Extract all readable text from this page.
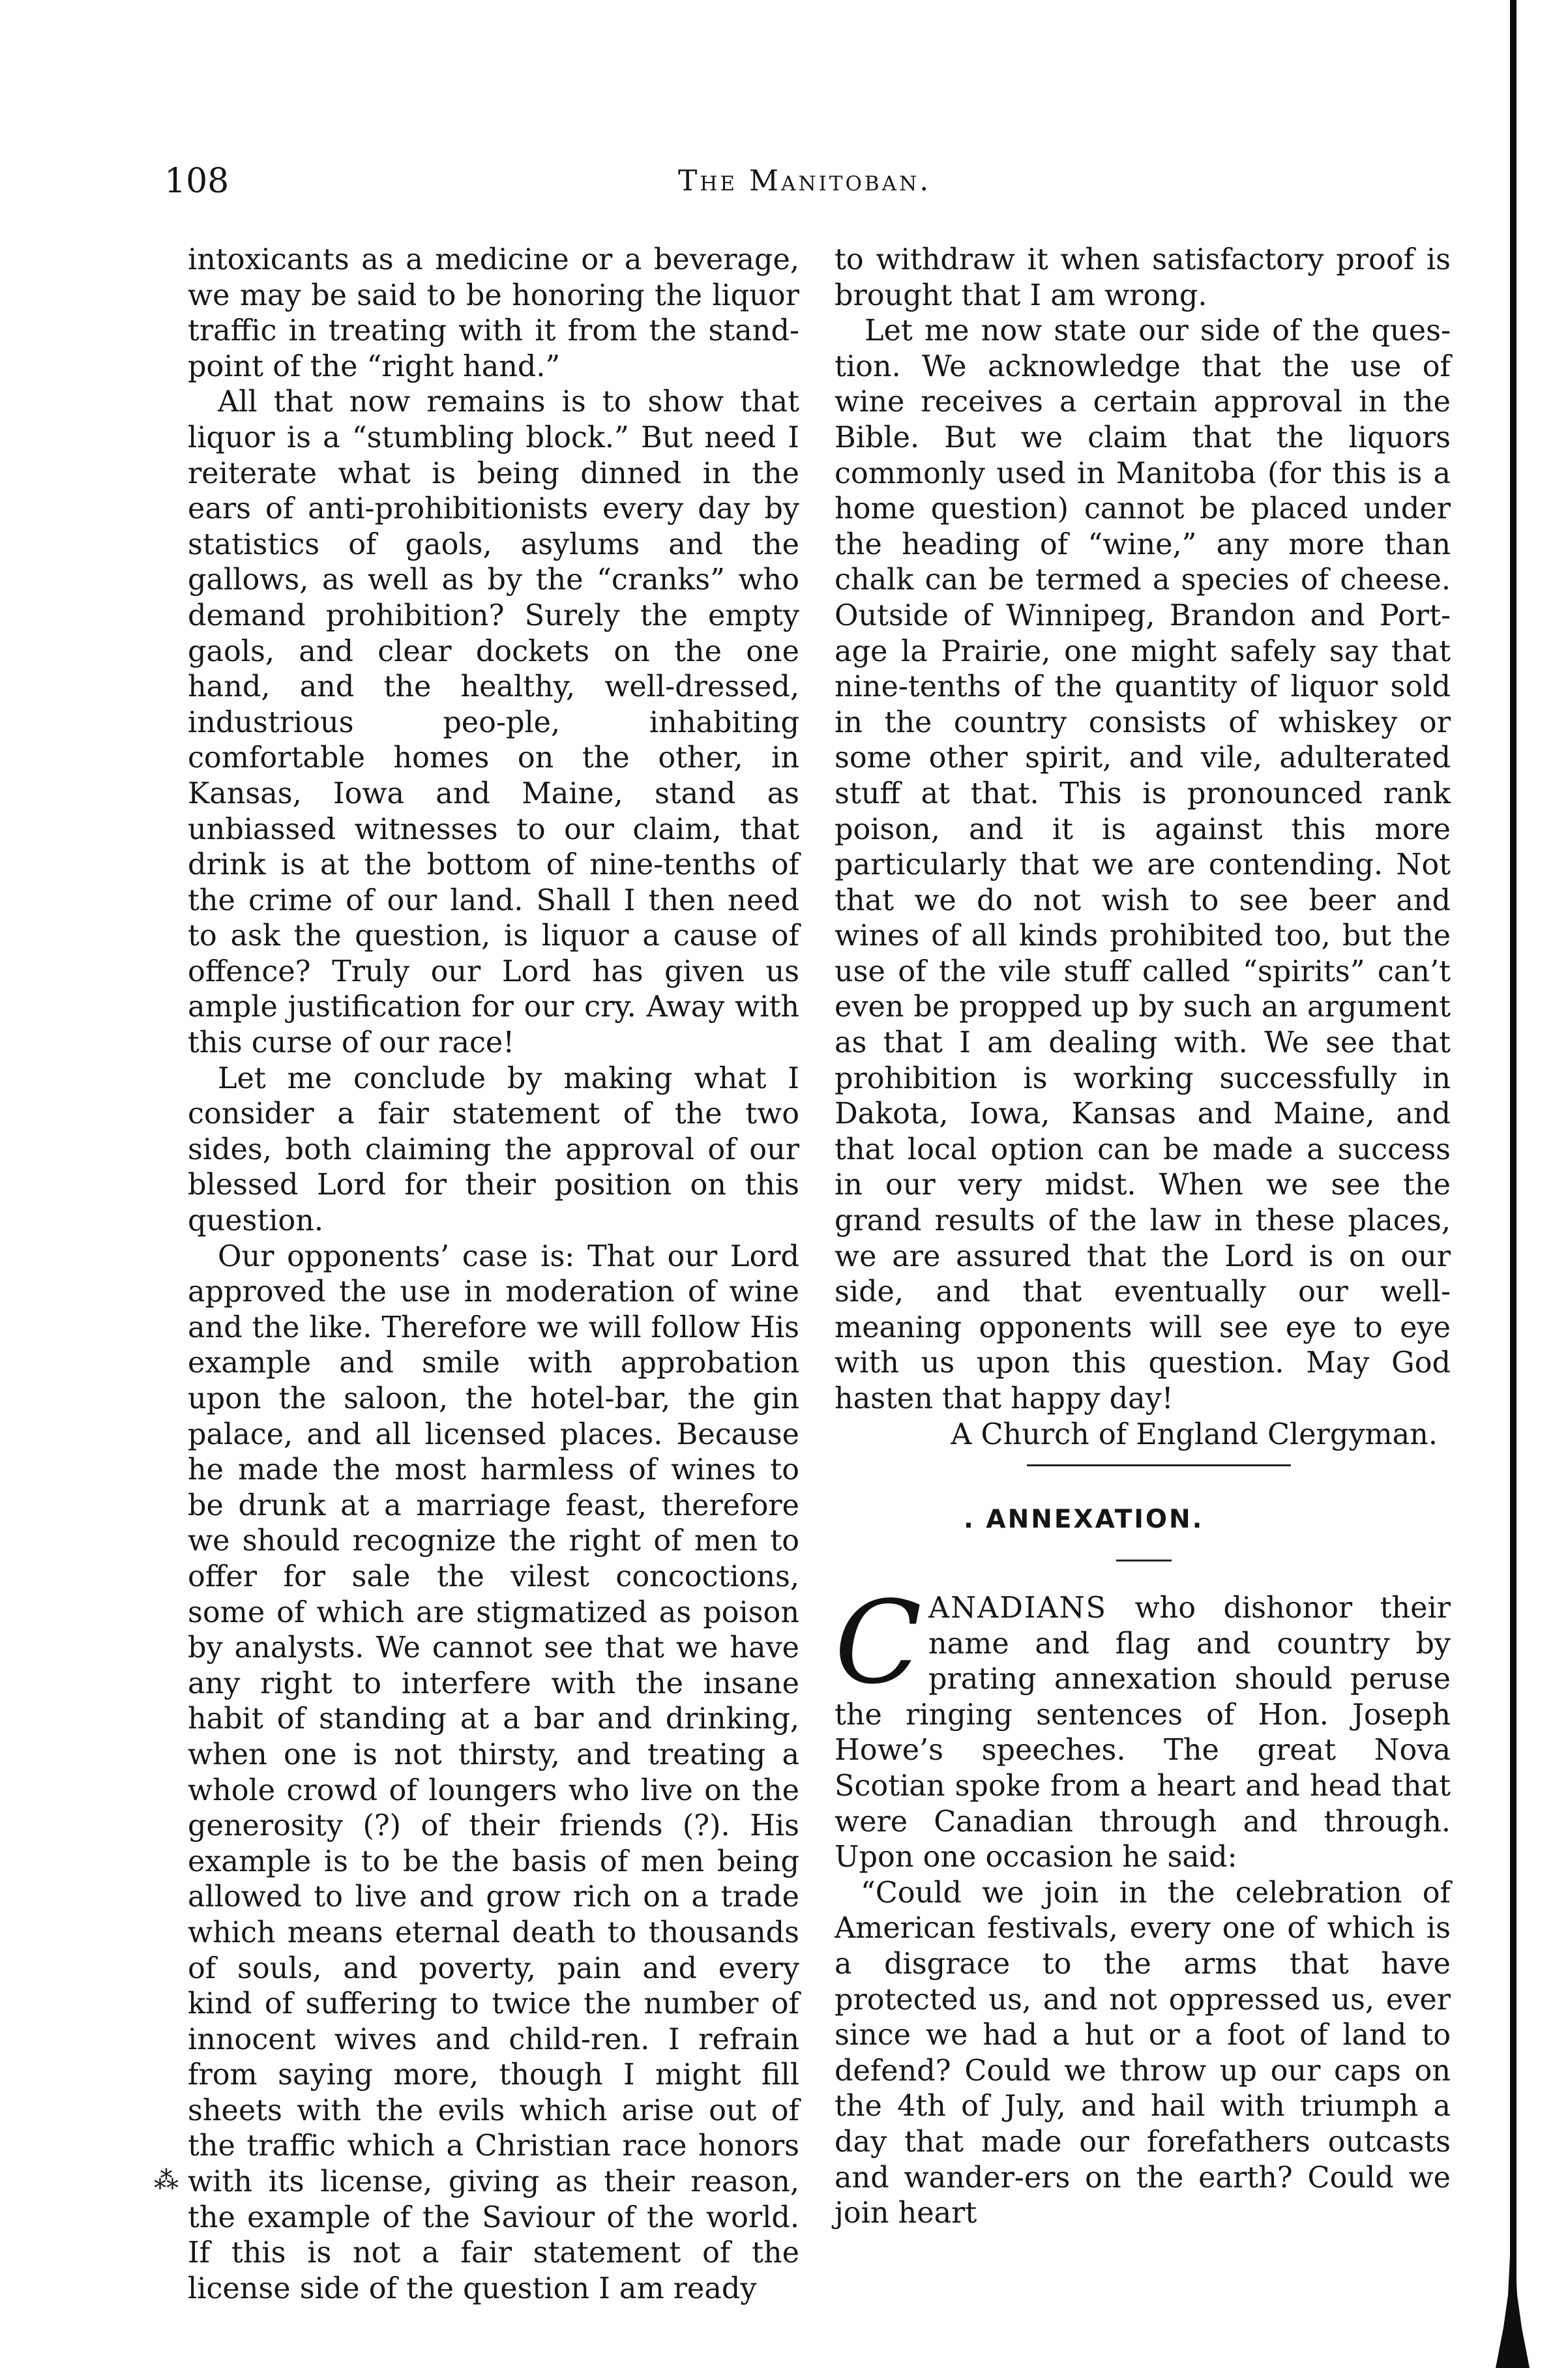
108	The Manitoban.

intoxicants as a medicine or a beverage, we may be said to be honoring the liquor traffic in treating with it from the stand-point of the “right hand.”

All that now remains is to show that liquor is a “stumbling block.” But need I reiterate what is being dinned in the ears of anti-prohibitionists every day by statistics of gaols, asylums and the gallows, as well as by the “cranks” who demand prohibition? Surely the empty gaols, and clear dockets on the one hand, and the healthy, well-dressed, industrious peo-ple, inhabiting comfortable homes on the other, in Kansas, Iowa and Maine, stand as unbiassed witnesses to our claim, that drink is at the bottom of nine-tenths of the crime of our land. Shall I then need to ask the question, is liquor a cause of offence? Truly our Lord has given us ample justification for our cry. Away with this curse of our race!

Let me conclude by making what I consider a fair statement of the two sides, both claiming the approval of our blessed Lord for their position on this question.

Our opponents’ case is: That our Lord approved the use in moderation of wine and the like. Therefore we will follow His example and smile with approbation upon the saloon, the hotel-bar, the gin palace, and all licensed places. Because he made the most harmless of wines to be drunk at a marriage feast, therefore we should recognize the right of men to offer for sale the vilest concoctions, some of which are stigmatized as poison by analysts. We cannot see that we have any right to interfere with the insane habit of standing at a bar and drinking, when one is not thirsty, and treating a whole crowd of loungers who live on the generosity (?) of their friends (?). His example is to be the basis of men being allowed to live and grow rich on a trade which means eternal death to thousands of souls, and poverty, pain and every kind of suffering to twice the number of innocent wives and child-ren. I refrain from saying more, though I might fill sheets with the evils which arise out of the traffic which a Christian race honors with its license, giving as their reason, the example of the Saviour of the world. If this is not a fair statement of the license side of the question I am ready

to withdraw it when satisfactory proof is brought that I am wrong.

Let me now state our side of the ques-tion. We acknowledge that the use of wine receives a certain approval in the Bible. But we claim that the liquors commonly used in Manitoba (for this is a home question) cannot be placed under the heading of “wine,” any more than chalk can be termed a species of cheese. Outside of Winnipeg, Brandon and Port-age la Prairie, one might safely say that nine-tenths of the quantity of liquor sold in the country consists of whiskey or some other spirit, and vile, adulterated stuff at that. This is pronounced rank poison, and it is against this more particularly that we are contending. Not that we do not wish to see beer and wines of all kinds prohibited too, but the use of the vile stuff called “spirits” can’t even be propped up by such an argument as that I am dealing with. We see that prohibition is working successfully in Dakota, Iowa, Kansas and Maine, and that local option can be made a success in our very midst. When we see the grand results of the law in these places, we are assured that the Lord is on our side, and that eventually our well-meaning opponents will see eye to eye with us upon this question. May God hasten that happy day!

A Church of England Clergyman.

. ANNEXATION.

CANADIANS who dishonor their name and flag and country by prating annexation should peruse the ringing sentences of Hon. Joseph Howe’s speeches. The great Nova Scotian spoke from a heart and head that were Canadian through and through. Upon one occasion he said:

“Could we join in the celebration of American festivals, every one of which is a disgrace to the arms that have protected us, and not oppressed us, ever since we had a hut or a foot of land to defend? Could we throw up our caps on the 4th of July, and hail with triumph a day that made our forefathers outcasts and wander-ers on the earth? Could we join heart

⁂
